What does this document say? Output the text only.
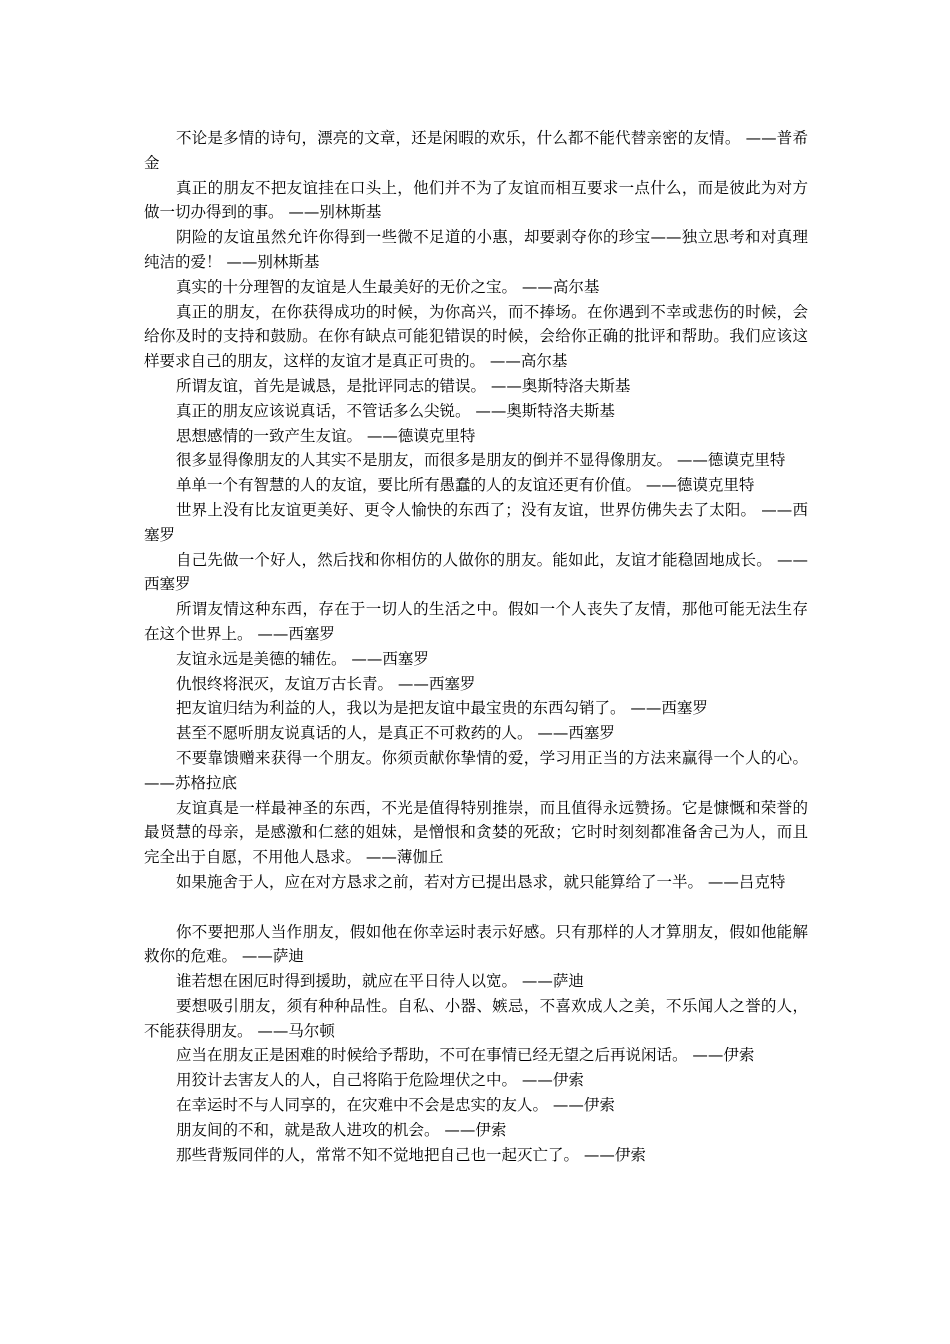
不论是多情的诗句，漂亮的文章，还是闲暇的欢乐，什么都不能代替亲密的友情。 ——普希金

真正的朋友不把友谊挂在口头上，他们并不为了友谊而相互要求一点什么，而是彼此为对方做一切办得到的事。 ——别林斯基

阴险的友谊虽然允许你得到一些微不足道的小惠，却要剥夺你的珍宝——独立思考和对真理纯洁的爱！ ——别林斯基

真实的十分理智的友谊是人生最美好的无价之宝。 ——高尔基

真正的朋友，在你获得成功的时候，为你高兴，而不捧场。在你遇到不幸或悲伤的时候，会给你及时的支持和鼓励。在你有缺点可能犯错误的时候，会给你正确的批评和帮助。我们应该这样要求自己的朋友，这样的友谊才是真正可贵的。 ——高尔基

所谓友谊，首先是诚恳，是批评同志的错误。 ——奥斯特洛夫斯基

真正的朋友应该说真话，不管话多么尖锐。 ——奥斯特洛夫斯基

思想感情的一致产生友谊。 ——德谟克里特

很多显得像朋友的人其实不是朋友，而很多是朋友的倒并不显得像朋友。 ——德谟克里特

单单一个有智慧的人的友谊，要比所有愚蠢的人的友谊还更有价值。 ——德谟克里特

世界上没有比友谊更美好、更令人愉快的东西了；没有友谊，世界仿佛失去了太阳。 ——西塞罗

自己先做一个好人，然后找和你相仿的人做你的朋友。能如此，友谊才能稳固地成长。 ——西塞罗

所谓友情这种东西，存在于一切人的生活之中。假如一个人丧失了友情，那他可能无法生存在这个世界上。 ——西塞罗

友谊永远是美德的辅佐。 ——西塞罗

仇恨终将泯灭，友谊万古长青。 ——西塞罗

把友谊归结为利益的人，我以为是把友谊中最宝贵的东西勾销了。 ——西塞罗

甚至不愿听朋友说真话的人，是真正不可救药的人。 ——西塞罗

不要靠馈赠来获得一个朋友。你须贡献你挚情的爱，学习用正当的方法来赢得一个人的心。 ——苏格拉底

友谊真是一样最神圣的东西，不光是值得特别推崇，而且值得永远赞扬。它是慷慨和荣誉的最贤慧的母亲，是感激和仁慈的姐妹，是憎恨和贪婪的死敌；它时时刻刻都准备舍己为人，而且完全出于自愿，不用他人恳求。 ——薄伽丘

如果施舍于人，应在对方恳求之前，若对方已提出恳求，就只能算给了一半。 ——吕克特

你不要把那人当作朋友，假如他在你幸运时表示好感。只有那样的人才算朋友，假如他能解救你的危难。 ——萨迪

谁若想在困厄时得到援助，就应在平日待人以宽。 ——萨迪

要想吸引朋友，须有种种品性。自私、小器、嫉忌，不喜欢成人之美，不乐闻人之誉的人，不能获得朋友。 ——马尔顿

应当在朋友正是困难的时候给予帮助，不可在事情已经无望之后再说闲话。 ——伊索

用狡计去害友人的人，自己将陷于危险埋伏之中。 ——伊索

在幸运时不与人同享的，在灾难中不会是忠实的友人。 ——伊索

朋友间的不和，就是敌人进攻的机会。 ——伊索

那些背叛同伴的人，常常不知不觉地把自己也一起灭亡了。 ——伊索
